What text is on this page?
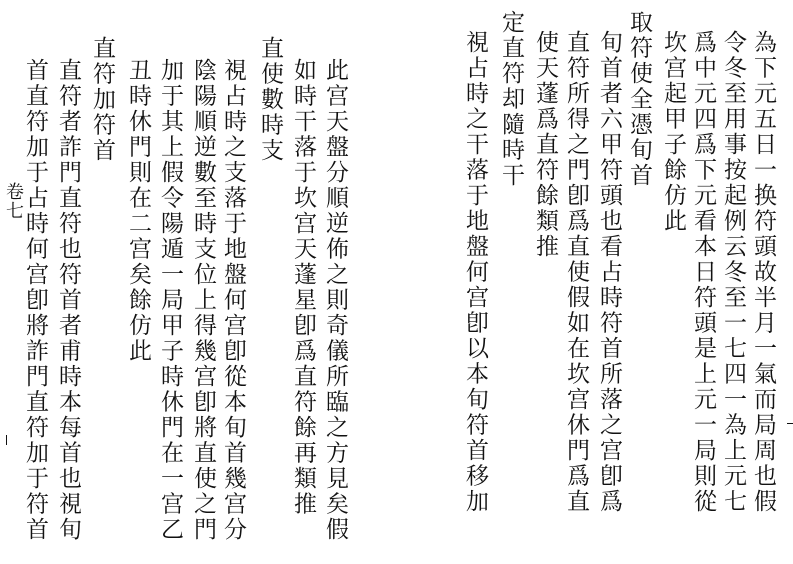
為下元五日一换符頭故半月一氣而局周也假
令冬至用事按起例云冬至一七四一為上元七
爲中元四爲下元看本日符頭是上元一局則從
坎宫起甲子餘仿此
取符使全憑旬首
旬首者六甲符頭也看占時符首所落之宫卽爲
直符所得之門卽爲直使假如在坎宫休門爲直
使天蓬爲直符餘類推
定直符却隨時干
視占時之干落于地盤何宫卽以本旬符首移加
此宫天盤分順逆佈之則奇儀所臨之方見矣假
如時干落于坎宫天蓬星卽爲直符餘再類推
直使數時支
視占時之支落于地盤何宫卽從本旬首幾宫分
陰陽順逆數至時支位上得幾宫卽將直使之門
加于其上假令陽遁一局甲子時休門在一宫乙
丑時休門則在二宫矣餘仿此
直符加符首
直符者詐門直符也符首者甫時本每首也視旬
首直符加于占時何宫卽將詐門直符加于符首
卷七
